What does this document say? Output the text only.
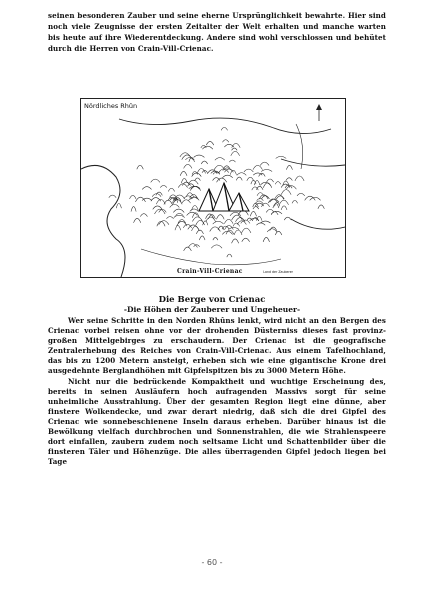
seinen besonderen Zauber und seine eherne Ursprünglichkeit bewahrte. Hier sind noch viele Zeugnisse der ersten Zeitalter der Welt erhalten und manche warten bis heute auf ihre Wiederentdeckung. Andere sind wohl verschlossen und behütet durch die Herren von Crain-Vill-Crienac.

Nördliches Rhûn
Crain-Vill-Crienac	Land der Zauberer

Die Berge von Crienac

-Die Höhen der Zauberer und Ungeheuer-

Wer seine Schritte in den Norden Rhûns lenkt, wird nicht an den Bergen des Crienac vorbei reisen ohne vor der drohenden Düsterniss dieses fast provinz-großen Mittelgebirges zu erschaudern. Der Crienac ist die geografische Zentralerhebung des Reiches von Crain-Vill-Crienac. Aus einem Tafelhochland, das bis zu 1200 Metern ansteigt, erheben sich wie eine gigantische Krone drei ausgedehnte Berglandhöhen mit Gipfelspitzen bis zu 3000 Metern Höhe.

Nicht nur die bedrückende Kompaktheit und wuchtige Erscheinung des, bereits in seinen Ausläufern hoch aufragenden Massivs sorgt für seine unheimliche Ausstrahlung. Über der gesamten Region liegt eine dünne, aber finstere Wolkendecke, und zwar derart niedrig, daß sich die drei Gipfel des Crienac wie sonnebeschienene Inseln daraus erheben. Darüber hinaus ist die Bewölkung vielfach durchbrochen und Sonnenstrahlen, die wie Strahlenspeere dort einfallen, zaubern zudem noch seltsame Licht und Schattenbilder über die finsteren Täler und Höhenzüge. Die alles überragenden Gipfel jedoch liegen bei Tage

- 60 -
